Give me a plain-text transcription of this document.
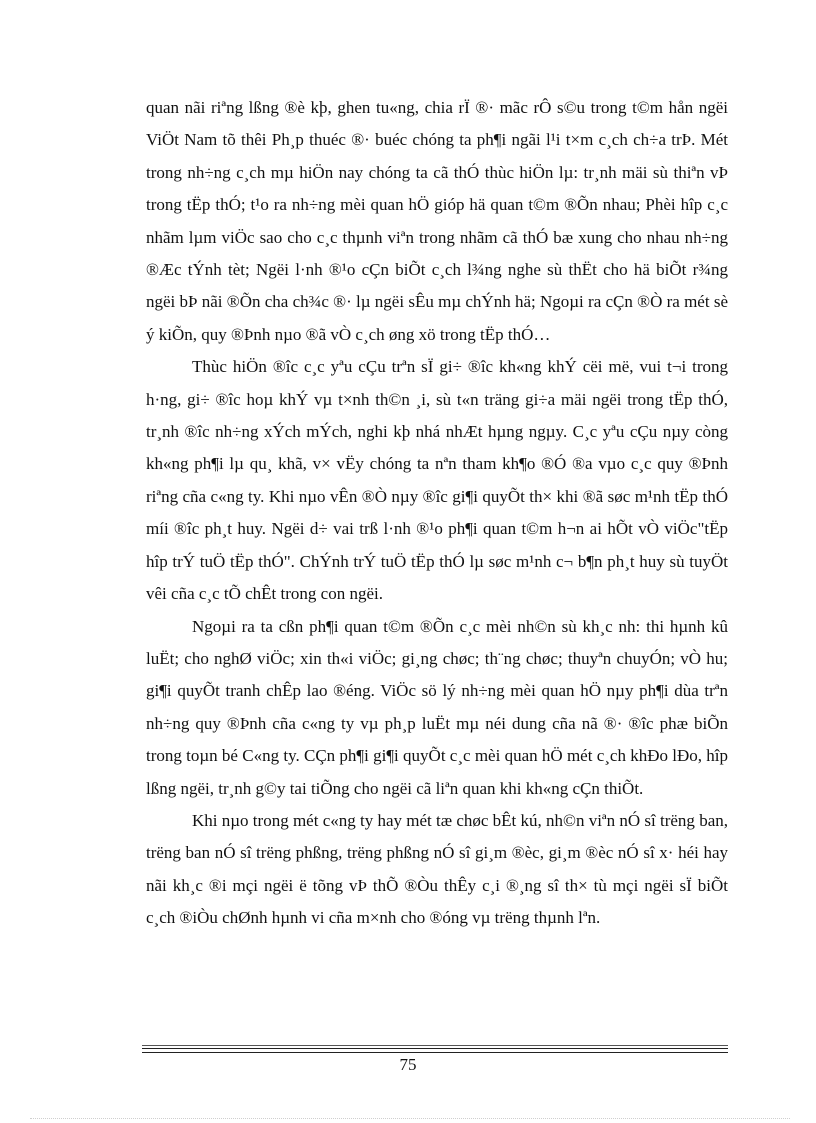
quan nãi riªng lßng ®è kþ, ghen tu«ng, chia rÏ ®· mãc rÔ s©u trong t©m hån ngëi ViÖt Nam tõ thêi Ph¸p thuéc ®· buéc chóng ta ph¶i ngãi l¹i t×m c¸ch ch÷a trÞ. Mét trong nh÷ng c¸ch mµ hiÖn nay chóng ta cã thÓ thùc hiÖn lµ: tr¸nh mäi sù thiªn vÞ trong tËp thÓ; t¹o ra nh÷ng mèi quan hÖ gióp hä quan t©m ®Õn nhau; Phèi hîp c¸c nhãm lµm viÖc sao cho c¸c thµnh viªn trong nhãm cã thÓ bæ xung cho nhau nh÷ng ®Æc tÝnh tèt; Ngëi l·nh ®¹o cÇn biÕt c¸ch l¾ng nghe sù thËt cho hä biÕt r¾ng ngëi bÞ nãi ®Õn cha ch¾c ®· lµ ngëi sÊu mµ chÝnh hä; Ngoµi ra cÇn ®Ò ra mét sè ý kiÕn, quy ®Þnh nµo ®ã vÒ c¸ch øng xö trong tËp thÓ…

Thùc hiÖn ®îc c¸c yªu cÇu trªn sÏ gi÷ ®îc kh«ng khÝ cëi më, vui t¬i trong h·ng, gi÷ ®îc hoµ khÝ vµ t×nh th©n ¸i, sù t«n träng gi÷a mäi ngëi trong tËp thÓ, tr¸nh ®îc nh÷ng xÝch mÝch, nghi kþ nhá nhÆt hµng ngµy. C¸c yªu cÇu nµy còng kh«ng ph¶i lµ qu¸ khã, v× vËy chóng ta nªn tham kh¶o ®Ó ®a vµo c¸c quy ®Þnh riªng cña c«ng ty. Khi nµo vÊn ®Ò nµy ®îc gi¶i quyÕt th× khi ®ã søc m¹nh tËp thÓ míi ®îc ph¸t huy. Ngëi d÷ vai trß l·nh ®¹o ph¶i quan t©m h¬n ai hÕt vÒ viÖc"tËp hîp trÝ tuÖ tËp thÓ". ChÝnh trÝ tuÖ tËp thÓ lµ søc m¹nh c¬ b¶n ph¸t huy sù tuyÖt vêi cña c¸c tÕ chÊt trong con ngëi.

Ngoµi ra ta cßn ph¶i quan t©m ®Õn c¸c mèi nh©n sù kh¸c nh: thi hµnh kû luËt; cho nghØ viÖc; xin th«i viÖc; gi¸ng chøc; th¨ng chøc; thuyªn chuyÓn; vÒ hu; gi¶i quyÕt tranh chÊp lao ®éng. ViÖc sö lý nh÷ng mèi quan hÖ nµy ph¶i dùa trªn nh÷ng quy ®Þnh cña c«ng ty vµ ph¸p luËt mµ néi dung cña nã ®· ®îc phæ biÕn trong toµn bé C«ng ty. CÇn ph¶i gi¶i quyÕt c¸c mèi quan hÖ mét c¸ch khÐo lÐo, hîp lßng ngëi, tr¸nh g©y tai tiÕng cho ngëi cã liªn quan khi kh«ng cÇn thiÕt.

Khi nµo trong mét c«ng ty hay mét tæ chøc bÊt kú, nh©n viªn nÓ sî trëng ban, trëng ban nÓ sî trëng phßng, trëng phßng nÓ sî gi¸m ®èc, gi¸m ®èc nÓ sî x· héi hay nãi kh¸c ®i mçi ngëi ë tõng vÞ thÕ ®Òu thÊy c¸i ®¸ng sî th× tù mçi ngëi sÏ biÕt c¸ch ®iÒu chØnh hµnh vi cña m×nh cho ®óng vµ trëng thµnh lªn.

75
